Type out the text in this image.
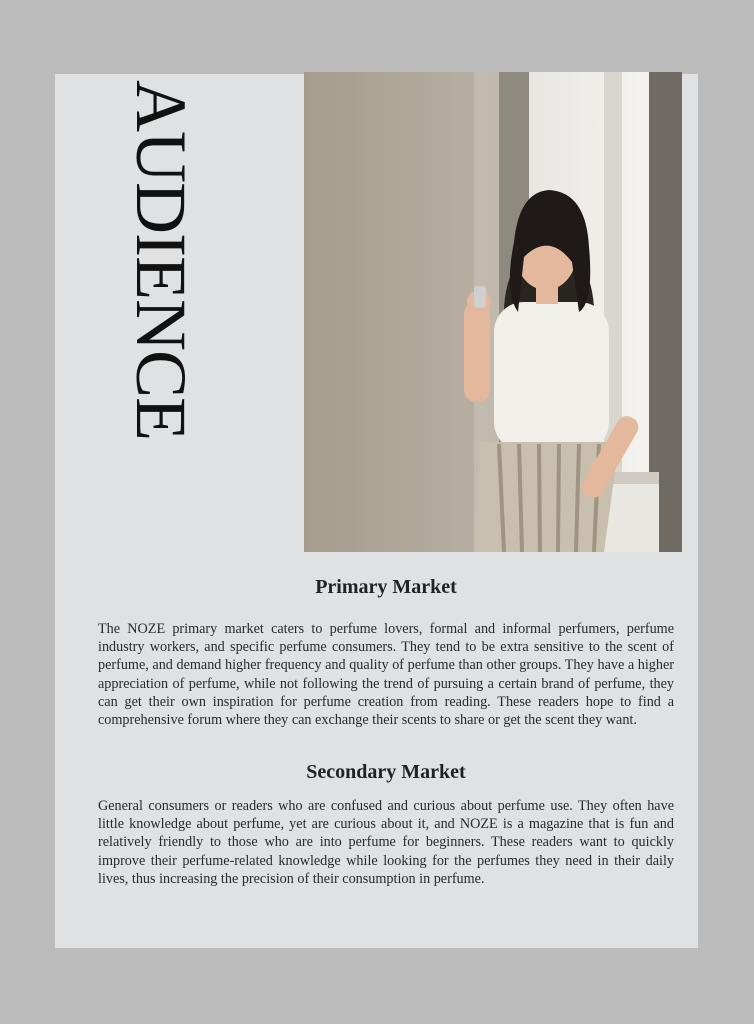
AUDIENCE
Primary Market

The NOZE primary market caters to perfume lovers, formal and informal perfumers, perfume industry workers, and specific perfume consumers. They tend to be extra sensitive to the scent of perfume, and demand higher frequency and quality of perfume than other groups. They have a higher appreciation of perfume, while not following the trend of pursuing a certain brand of perfume, they can get their own inspiration for perfume creation from reading. These readers hope to find a comprehensive forum where they can exchange their scents to share or get the scent they want.

Secondary Market

General consumers or readers who are confused and curious about perfume use. They often have little knowledge about perfume, yet are curious about it, and NOZE is a magazine that is fun and relatively friendly to those who are into perfume for beginners. These readers want to quickly improve their perfume-related knowledge while looking for the perfumes they need in their daily lives, thus increasing the precision of their consumption in perfume.
